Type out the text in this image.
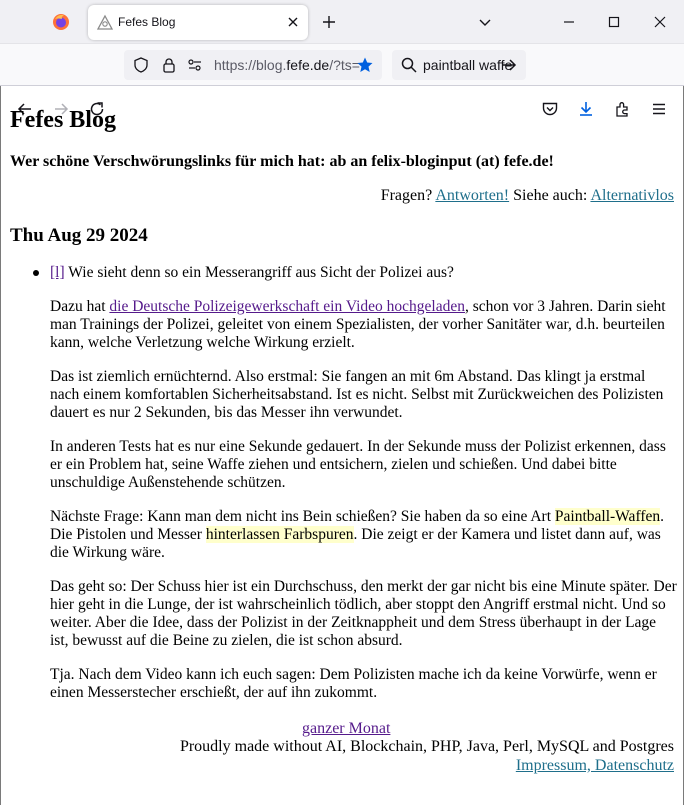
Fefes Blog
https://blog.fefe.de/?ts=	paintball waffe
Fefes Blog

Wer schöne Verschwörungslinks für mich hat: ab an felix-bloginput (at) fefe.de!

Fragen? Antworten! Siehe auch: Alternativlos
Thu Aug 29 2024

[l] Wie sieht denn so ein Messerangriff aus Sicht der Polizei aus?

Dazu hat die Deutsche Polizeigewerkschaft ein Video hochgeladen, schon vor 3 Jahren. Darin sieht man Trainings der Polizei, geleitet von einem Spezialisten, der vorher Sanitäter war, d.h. beurteilen kann, welche Verletzung welche Wirkung erzielt.

Das ist ziemlich ernüchternd. Also erstmal: Sie fangen an mit 6m Abstand. Das klingt ja erstmal nach einem komfortablen Sicherheitsabstand. Ist es nicht. Selbst mit Zurückweichen des Polizisten dauert es nur 2 Sekunden, bis das Messer ihn verwundet.

In anderen Tests hat es nur eine Sekunde gedauert. In der Sekunde muss der Polizist erkennen, dass er ein Problem hat, seine Waffe ziehen und entsichern, zielen und schießen. Und dabei bitte unschuldige Außenstehende schützen.

Nächste Frage: Kann man dem nicht ins Bein schießen? Sie haben da so eine Art Paintball-Waffen. Die Pistolen und Messer hinterlassen Farbspuren. Die zeigt er der Kamera und listet dann auf, was die Wirkung wäre.

Das geht so: Der Schuss hier ist ein Durchschuss, den merkt der gar nicht bis eine Minute später. Der hier geht in die Lunge, der ist wahrscheinlich tödlich, aber stoppt den Angriff erstmal nicht. Und so weiter. Aber die Idee, dass der Polizist in der Zeitknappheit und dem Stress überhaupt in der Lage ist, bewusst auf die Beine zu zielen, die ist schon absurd.

Tja. Nach dem Video kann ich euch sagen: Dem Polizisten mache ich da keine Vorwürfe, wenn er einen Messerstecher erschießt, der auf ihn zukommt.

ganzer Monat
Proudly made without AI, Blockchain, PHP, Java, Perl, MySQL and Postgres
Impressum, Datenschutz
